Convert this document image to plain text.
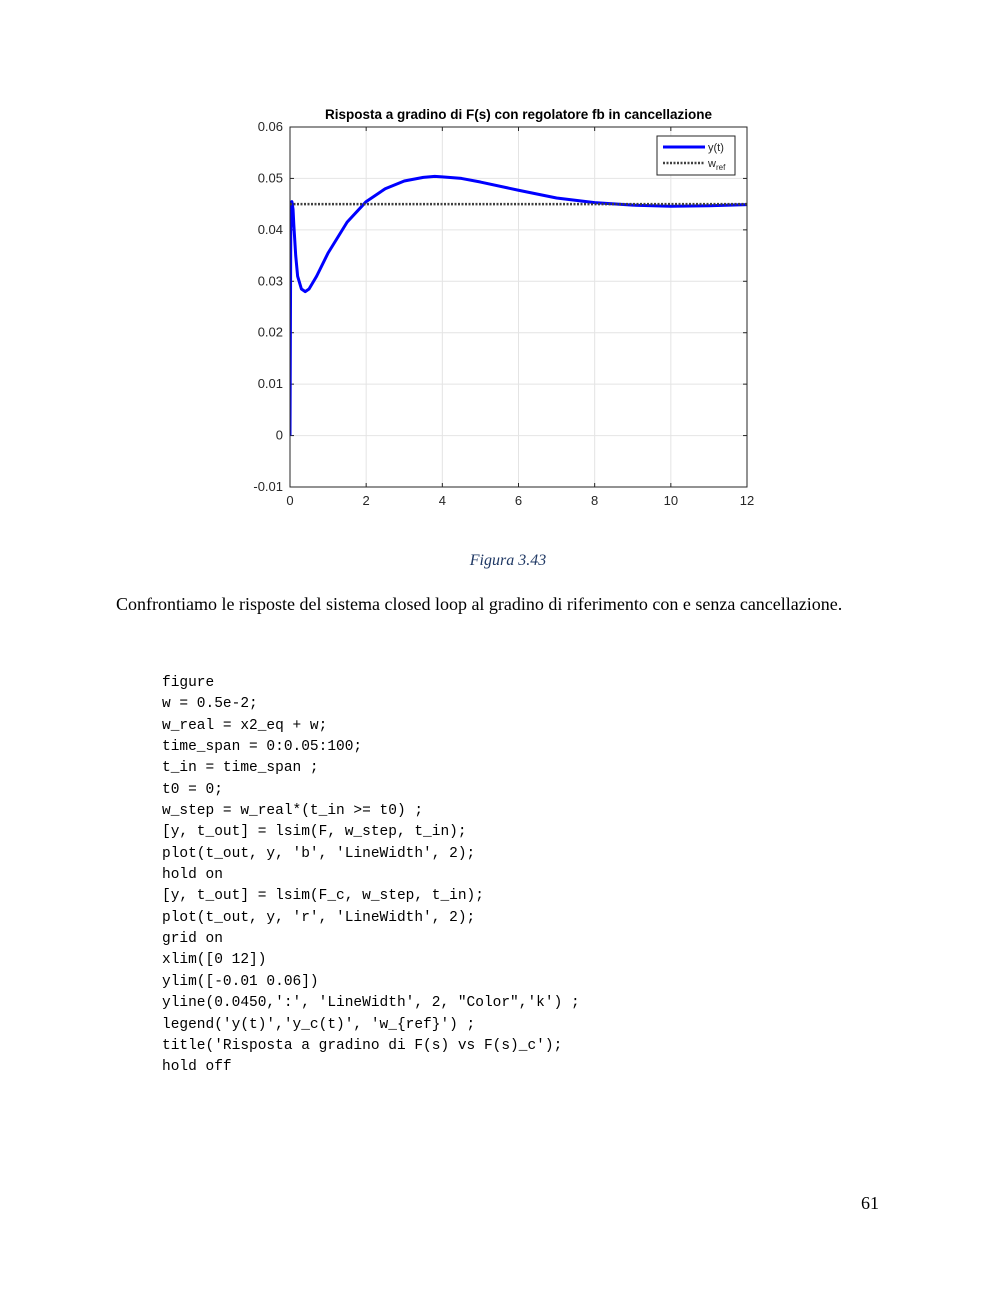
0	2	4	6	8	10	12
-0.01
0
0.01
0.02
0.03
0.04
0.05
0.06
Risposta a gradino di F(s) con regolatore fb in cancellazione
y(t)
$w_{ref}$
Figura 3.43

Confrontiamo le risposte del sistema closed loop al gradino di riferimento con e senza cancellazione.

figure
w = 0.5e-2;
w_real = x2_eq + w;
time_span = 0:0.05:100;
t_in = time_span ;
t0 = 0;
w_step = w_real*(t_in >= t0) ;
[y, t_out] = lsim(F, w_step, t_in);
plot(t_out, y, 'b', 'LineWidth', 2);
hold on
[y, t_out] = lsim(F_c, w_step, t_in);
plot(t_out, y, 'r', 'LineWidth', 2);
grid on
xlim([0 12])
ylim([-0.01 0.06])
yline(0.0450,':', 'LineWidth', 2, "Color",'k') ;
legend('y(t)','y_c(t)', 'w_{ref}') ;
title('Risposta a gradino di F(s) vs F(s)_c');
hold off
61
